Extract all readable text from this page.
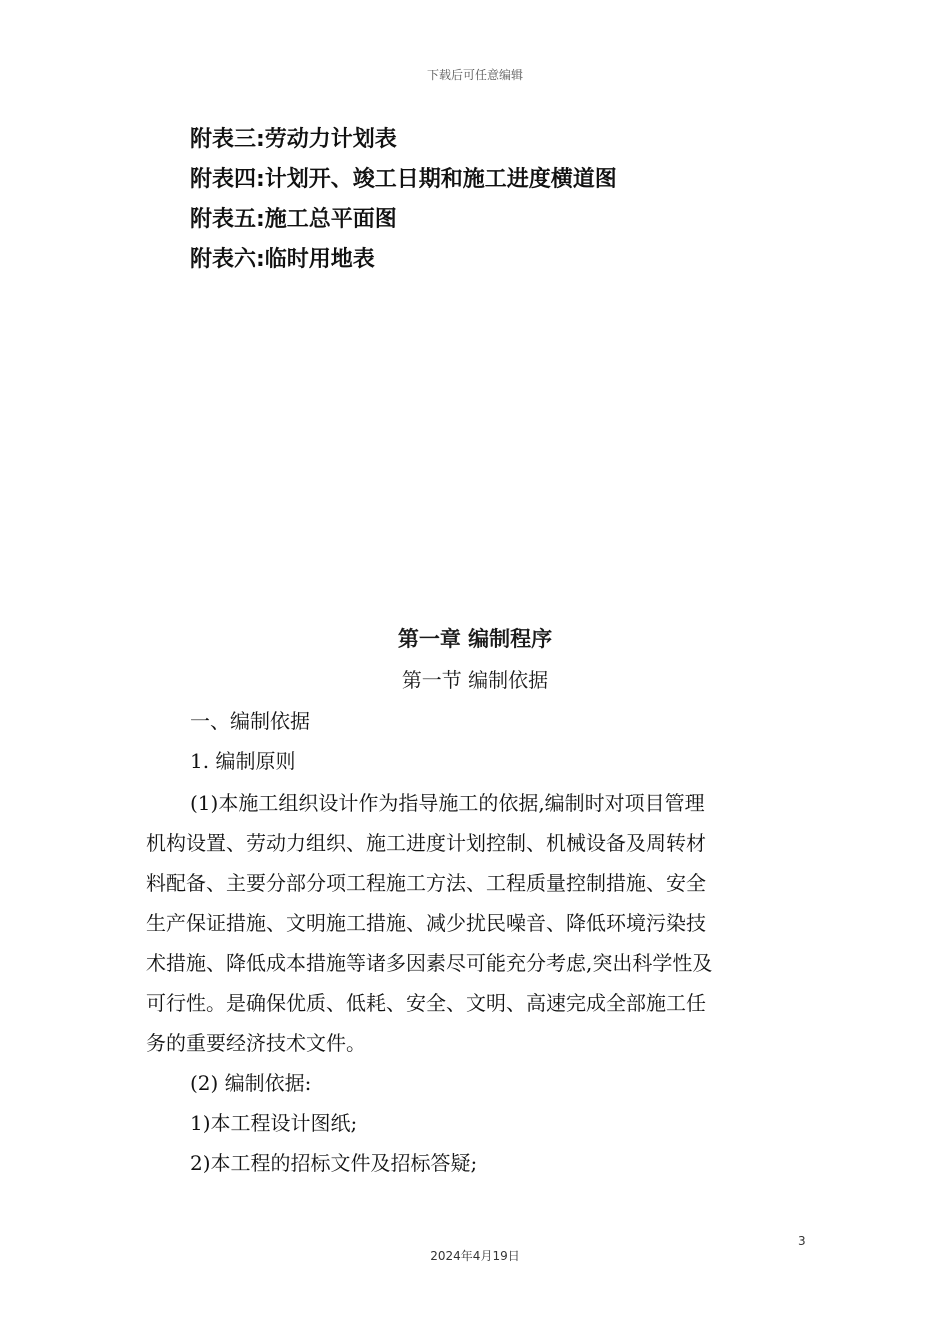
下载后可任意编辑
附表三:劳动力计划表
附表四:计划开、竣工日期和施工进度横道图
附表五:施工总平面图
附表六:临时用地表
第一章 编制程序
第一节 编制依据
一、编制依据
1. 编制原则
(1)本施工组织设计作为指导施工的依据,编制时对项目管理
机构设置、劳动力组织、施工进度计划控制、机械设备及周转材
料配备、主要分部分项工程施工方法、工程质量控制措施、安全
生产保证措施、文明施工措施、减少扰民噪音、降低环境污染技
术措施、降低成本措施等诸多因素尽可能充分考虑,突出科学性及
可行性。是确保优质、低耗、安全、文明、高速完成全部施工任
务的重要经济技术文件。
(2) 编制依据:
1)本工程设计图纸;
2)本工程的招标文件及招标答疑;
3
2024年4月19日
